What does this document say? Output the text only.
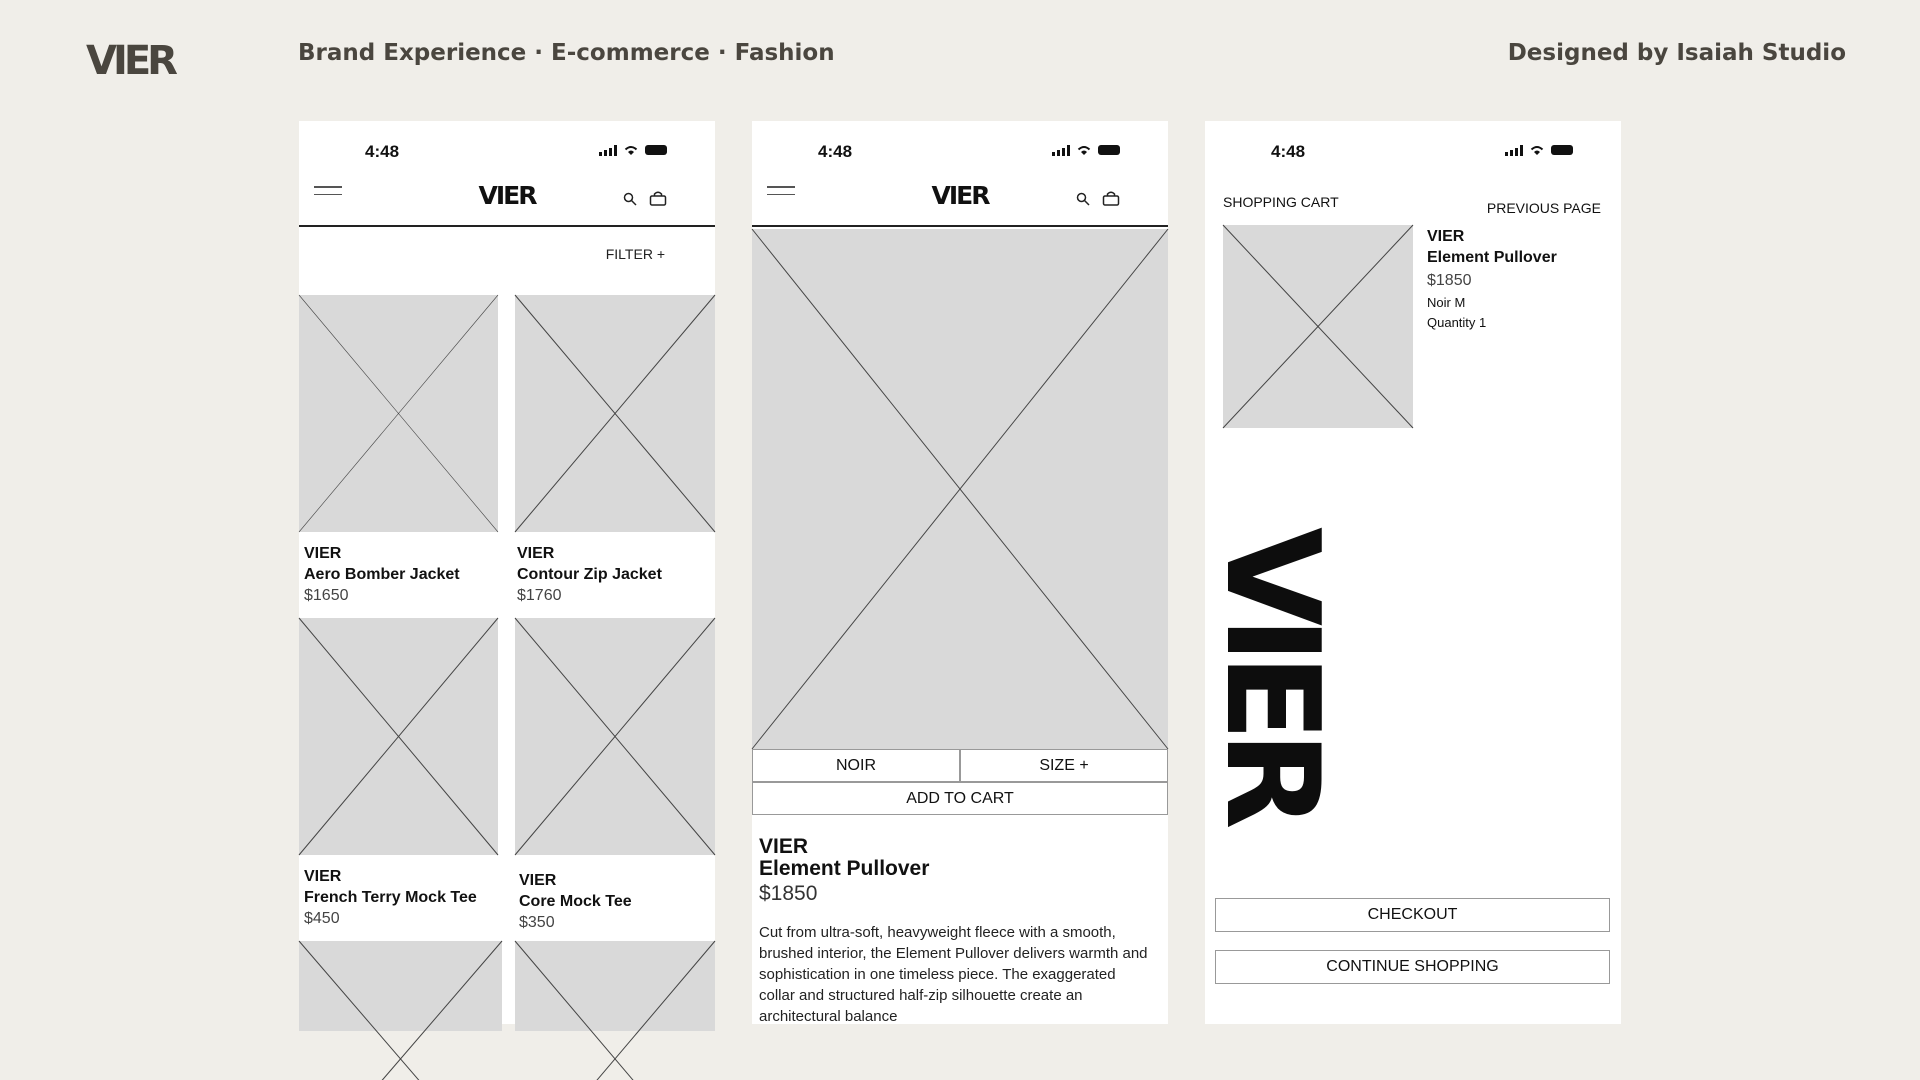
VIER	Brand Experience · E-commerce · Fashion	Designed by Isaiah Studio
4:48
VIER
FILTER +
VIER
Aero Bomber Jacket
$1650
VIER
Contour Zip Jacket
$1760
VIER
French Terry Mock Tee
$450
VIER
Core Mock Tee
$350
4:48
VIER
NOIR	SIZE +
ADD TO CART
VIER
Element Pullover
$1850
Cut from ultra-soft, heavyweight fleece with a smooth, brushed interior, the Element Pullover delivers warmth and sophistication in one timeless piece. The exaggerated collar and structured half-zip silhouette create an architectural balance
4:48
SHOPPING CART	PREVIOUS PAGE
VIER
Element Pullover
$1850
Noir M
Quantity 1
VIER
CHECKOUT
CONTINUE SHOPPING
